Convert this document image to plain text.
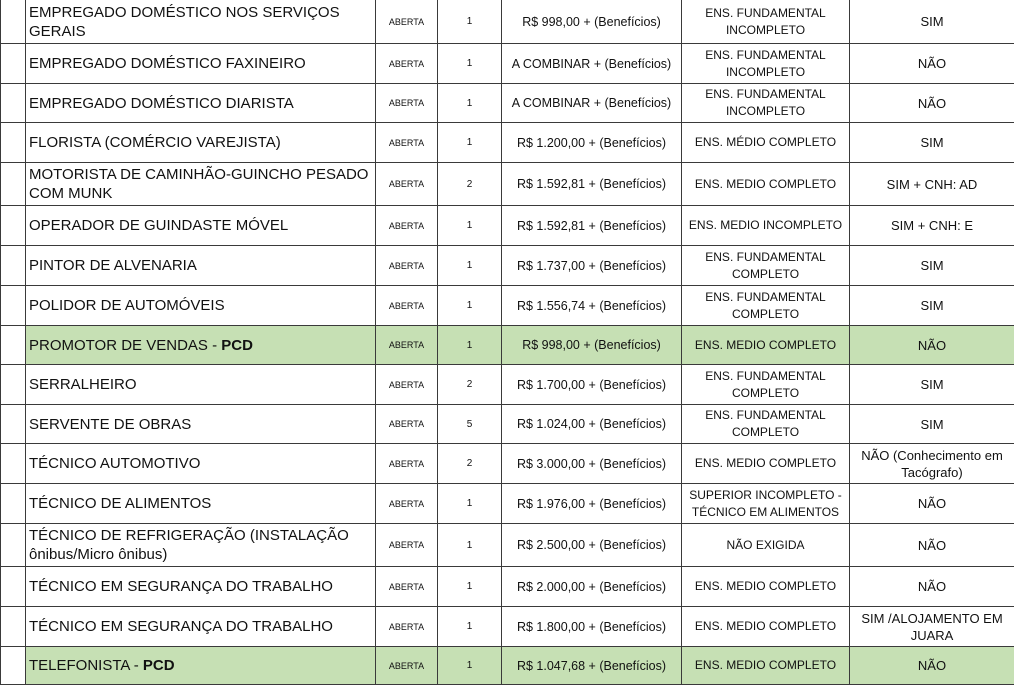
	EMPREGADO DOMÉSTICO NOS SERVIÇOS GERAIS	ABERTA	1	R$ 998,00 + (Benefícios)	ENS. FUNDAMENTAL INCOMPLETO	SIM
	EMPREGADO DOMÉSTICO FAXINEIRO	ABERTA	1	A COMBINAR + (Benefícios)	ENS. FUNDAMENTAL INCOMPLETO	NÃO
	EMPREGADO DOMÉSTICO DIARISTA	ABERTA	1	A COMBINAR + (Benefícios)	ENS. FUNDAMENTAL INCOMPLETO	NÃO
	FLORISTA (COMÉRCIO VAREJISTA)	ABERTA	1	R$ 1.200,00 + (Benefícios)	ENS. MÉDIO COMPLETO	SIM
	MOTORISTA DE CAMINHÃO-GUINCHO PESADO COM MUNK	ABERTA	2	R$ 1.592,81 + (Benefícios)	ENS. MEDIO COMPLETO	SIM + CNH: AD
	OPERADOR DE GUINDASTE MÓVEL	ABERTA	1	R$ 1.592,81 + (Benefícios)	ENS. MEDIO INCOMPLETO	SIM + CNH: E
	PINTOR DE ALVENARIA	ABERTA	1	R$ 1.737,00 + (Benefícios)	ENS. FUNDAMENTAL COMPLETO	SIM
	POLIDOR DE AUTOMÓVEIS	ABERTA	1	R$ 1.556,74 + (Benefícios)	ENS. FUNDAMENTAL COMPLETO	SIM
	PROMOTOR DE VENDAS - PCD	ABERTA	1	R$ 998,00 + (Benefícios)	ENS. MEDIO COMPLETO	NÃO
	SERRALHEIRO	ABERTA	2	R$ 1.700,00 + (Benefícios)	ENS. FUNDAMENTAL COMPLETO	SIM
	SERVENTE DE OBRAS	ABERTA	5	R$ 1.024,00 + (Benefícios)	ENS. FUNDAMENTAL COMPLETO	SIM
	TÉCNICO AUTOMOTIVO	ABERTA	2	R$ 3.000,00 + (Benefícios)	ENS. MEDIO COMPLETO	NÃO (Conhecimento em Tacógrafo)
	TÉCNICO DE ALIMENTOS	ABERTA	1	R$ 1.976,00 + (Benefícios)	SUPERIOR INCOMPLETO - TÉCNICO EM ALIMENTOS	NÃO
	TÉCNICO DE REFRIGERAÇÃO (INSTALAÇÃO ônibus/Micro ônibus)	ABERTA	1	R$ 2.500,00 + (Benefícios)	NÃO EXIGIDA	NÃO
	TÉCNICO EM SEGURANÇA DO TRABALHO	ABERTA	1	R$ 2.000,00 + (Benefícios)	ENS. MEDIO COMPLETO	NÃO
	TÉCNICO EM SEGURANÇA DO TRABALHO	ABERTA	1	R$ 1.800,00 + (Benefícios)	ENS. MEDIO COMPLETO	SIM /ALOJAMENTO EM JUARA
	TELEFONISTA - PCD	ABERTA	1	R$ 1.047,68 + (Benefícios)	ENS. MEDIO COMPLETO	NÃO
